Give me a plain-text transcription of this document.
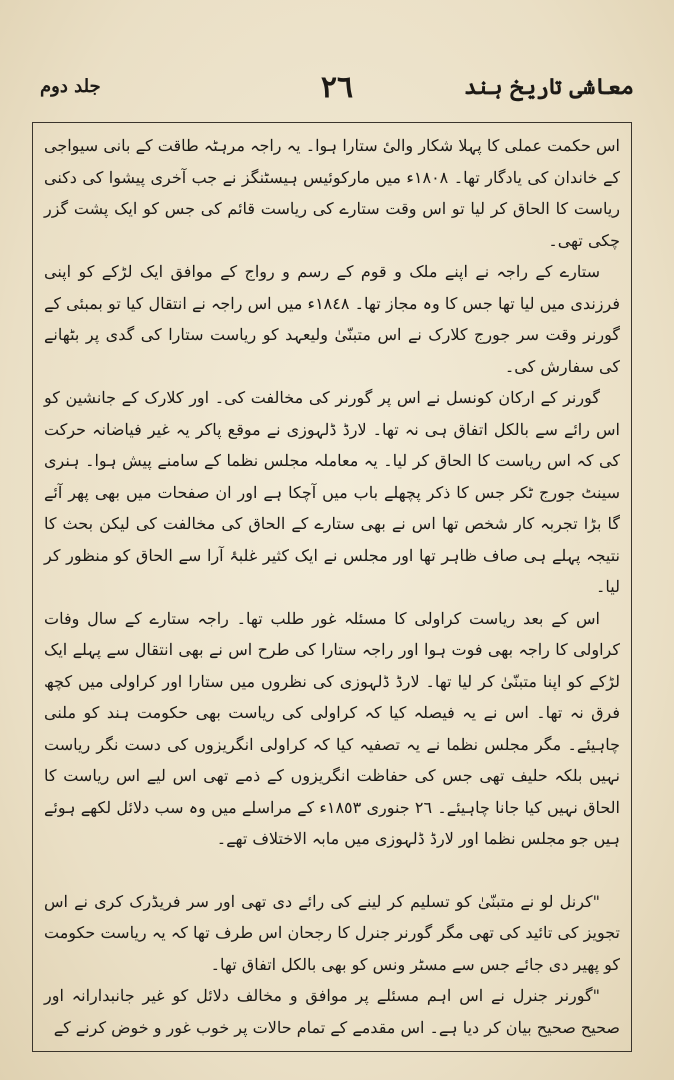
معاشی تاریخ ہند
٢٦
جلد دوم

اس حکمت عملی کا پہلا شکار والیٔ ستارا ہوا۔ یہ راجہ مرہٹہ طاقت کے بانی سیواجی کے خاندان کی یادگار تھا۔ ١٨٠٨ء میں مارکوئیس ہیسٹنگز نے جب آخری پیشوا کی دکنی ریاست کا الحاق کر لیا تو اس وقت ستارے کی ریاست قائم کی جس کو ایک پشت گزر چکی تھی۔

ستارے کے راجہ نے اپنے ملک و قوم کے رسم و رواج کے موافق ایک لڑکے کو اپنی فرزندی میں لیا تھا جس کا وہ مجاز تھا۔ ١٨٤٨ء میں اس راجہ نے انتقال کیا تو بمبئی کے گورنر وقت سر جورج کلارک نے اس متبنّیٰ ولیعہد کو ریاست ستارا کی گدی پر بٹھانے کی سفارش کی۔

گورنر کے ارکان کونسل نے اس پر گورنر کی مخالفت کی۔ اور کلارک کے جانشین کو اس رائے سے بالکل اتفاق ہی نہ تھا۔ لارڈ ڈلہوزی نے موقع پاکر یہ غیر فیاضانہ حرکت کی کہ اس ریاست کا الحاق کر لیا۔ یہ معاملہ مجلس نظما کے سامنے پیش ہوا۔ ہنری سینٹ جورج ٹکر جس کا ذکر پچھلے باب میں آچکا ہے اور ان صفحات میں بھی پھر آئے گا بڑا تجربہ کار شخص تھا اس نے بھی ستارے کے الحاق کی مخالفت کی لیکن بحث کا نتیجہ پہلے ہی صاف ظاہر تھا اور مجلس نے ایک کثیر غلبۂ آرا سے الحاق کو منظور کر لیا۔

اس کے بعد ریاست کراولی کا مسئلہ غور طلب تھا۔ راجہ ستارے کے سال وفات کراولی کا راجہ بھی فوت ہوا اور راجہ ستارا کی طرح اس نے بھی انتقال سے پہلے ایک لڑکے کو اپنا متبنّیٰ کر لیا تھا۔ لارڈ ڈلہوزی کی نظروں میں ستارا اور کراولی میں کچھ فرق نہ تھا۔ اس نے یہ فیصلہ کیا کہ کراولی کی ریاست بھی حکومت ہند کو ملنی چاہیئے۔ مگر مجلس نظما نے یہ تصفیہ کیا کہ کراولی انگریزوں کی دست نگر ریاست نہیں بلکہ حلیف تھی جس کی حفاظت انگریزوں کے ذمے تھی اس لیے اس ریاست کا الحاق نہیں کیا جانا چاہیئے۔ ٢٦ جنوری ١٨٥٣ء کے مراسلے میں وہ سب دلائل لکھے ہوئے ہیں جو مجلس نظما اور لارڈ ڈلہوزی میں مابہ الاختلاف تھے۔

"کرنل لو نے متبنّیٰ کو تسلیم کر لینے کی رائے دی تھی اور سر فریڈرک کری نے اس تجویز کی تائید کی تھی مگر گورنر جنرل کا رجحان اس طرف تھا کہ یہ ریاست حکومت کو پھیر دی جائے جس سے مسٹر ونس کو بھی بالکل اتفاق تھا۔

"گورنر جنرل نے اس اہم مسئلے پر موافق و مخالف دلائل کو غیر جانبدارانہ اور صحیح صحیح بیان کر دیا ہے۔ اس مقدمے کے تمام حالات پر خوب غور و خوض کرنے کے
